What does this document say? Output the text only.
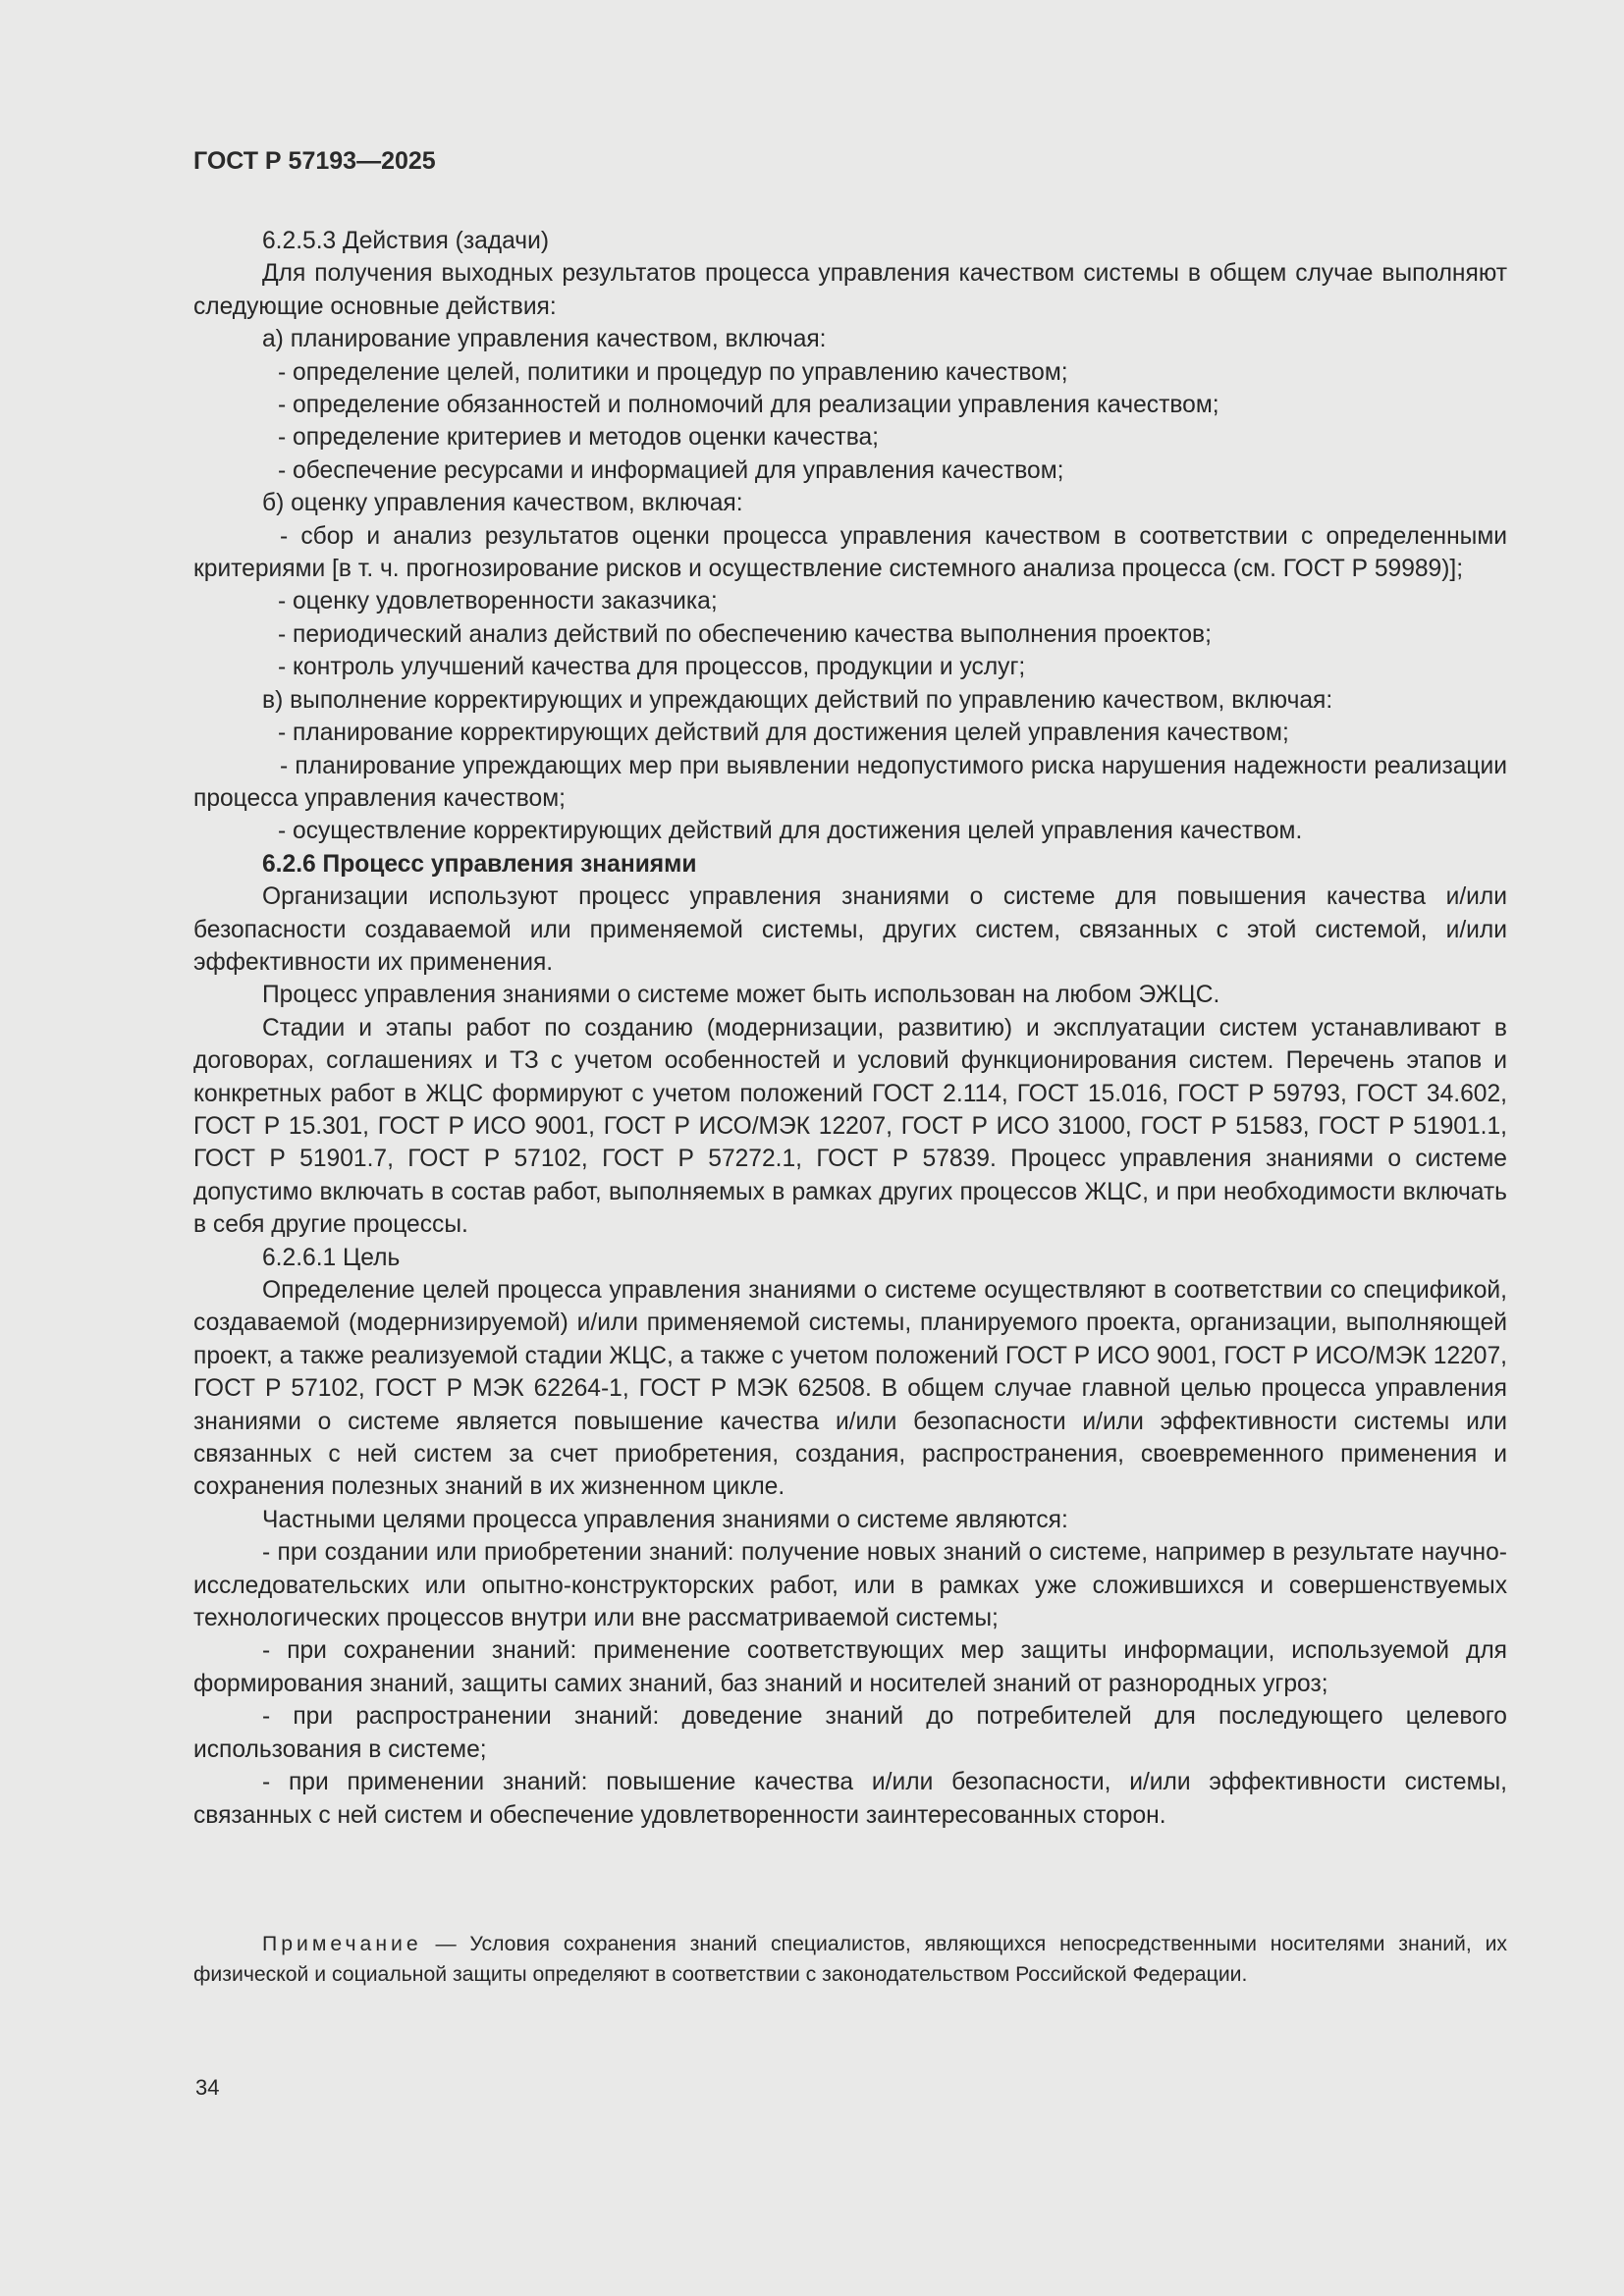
ГОСТ Р 57193—2025

6.2.5.3 Действия (задачи)

Для получения выходных результатов процесса управления качеством системы в общем случае выполняют следующие основные действия:

а) планирование управления качеством, включая:

- определение целей, политики и процедур по управлению качеством;

- определение обязанностей и полномочий для реализации управления качеством;

- определение критериев и методов оценки качества;

- обеспечение ресурсами и информацией для управления качеством;

б) оценку управления качеством, включая:

- сбор и анализ результатов оценки процесса управления качеством в соответствии с определенными критериями [в т. ч. прогнозирование рисков и осуществление системного анализа процесса (см. ГОСТ Р 59989)];

- оценку удовлетворенности заказчика;

- периодический анализ действий по обеспечению качества выполнения проектов;

- контроль улучшений качества для процессов, продукции и услуг;

в) выполнение корректирующих и упреждающих действий по управлению качеством, включая:

- планирование корректирующих действий для достижения целей управления качеством;

- планирование упреждающих мер при выявлении недопустимого риска нарушения надежности реализации процесса управления качеством;

- осуществление корректирующих действий для достижения целей управления качеством.

6.2.6 Процесс управления знаниями

Организации используют процесс управления знаниями о системе для повышения качества и/или безопасности создаваемой или применяемой системы, других систем, связанных с этой системой, и/или эффективности их применения.

Процесс управления знаниями о системе может быть использован на любом ЭЖЦС.

Стадии и этапы работ по созданию (модернизации, развитию) и эксплуатации систем устанавливают в договорах, соглашениях и ТЗ с учетом особенностей и условий функционирования систем. Перечень этапов и конкретных работ в ЖЦС формируют с учетом положений ГОСТ 2.114, ГОСТ 15.016, ГОСТ Р 59793, ГОСТ 34.602, ГОСТ Р 15.301, ГОСТ Р ИСО 9001, ГОСТ Р ИСО/МЭК 12207, ГОСТ Р ИСО 31000, ГОСТ Р 51583, ГОСТ Р 51901.1, ГОСТ Р 51901.7, ГОСТ Р 57102, ГОСТ Р 57272.1, ГОСТ Р 57839. Процесс управления знаниями о системе допустимо включать в состав работ, выполняемых в рамках других процессов ЖЦС, и при необходимости включать в себя другие процессы.

6.2.6.1 Цель

Определение целей процесса управления знаниями о системе осуществляют в соответствии со спецификой, создаваемой (модернизируемой) и/или применяемой системы, планируемого проекта, организации, выполняющей проект, а также реализуемой стадии ЖЦС, а также с учетом положений ГОСТ Р ИСО 9001, ГОСТ Р ИСО/МЭК 12207, ГОСТ Р 57102, ГОСТ Р МЭК 62264-1, ГОСТ Р МЭК 62508. В общем случае главной целью процесса управления знаниями о системе является повышение качества и/или безопасности и/или эффективности системы или связанных с ней систем за счет приобретения, создания, распространения, своевременного применения и сохранения полезных знаний в их жизненном цикле.

Частными целями процесса управления знаниями о системе являются:

- при создании или приобретении знаний: получение новых знаний о системе, например в результате научно-исследовательских или опытно-конструкторских работ, или в рамках уже сложившихся и совершенствуемых технологических процессов внутри или вне рассматриваемой системы;

- при сохранении знаний: применение соответствующих мер защиты информации, используемой для формирования знаний, защиты самих знаний, баз знаний и носителей знаний от разнородных угроз;

- при распространении знаний: доведение знаний до потребителей для последующего целевого использования в системе;

- при применении знаний: повышение качества и/или безопасности, и/или эффективности системы, связанных с ней систем и обеспечение удовлетворенности заинтересованных сторон.

Примечание — Условия сохранения знаний специалистов, являющихся непосредственными носителями знаний, их физической и социальной защиты определяют в соответствии с законодательством Российской Федерации.

34
